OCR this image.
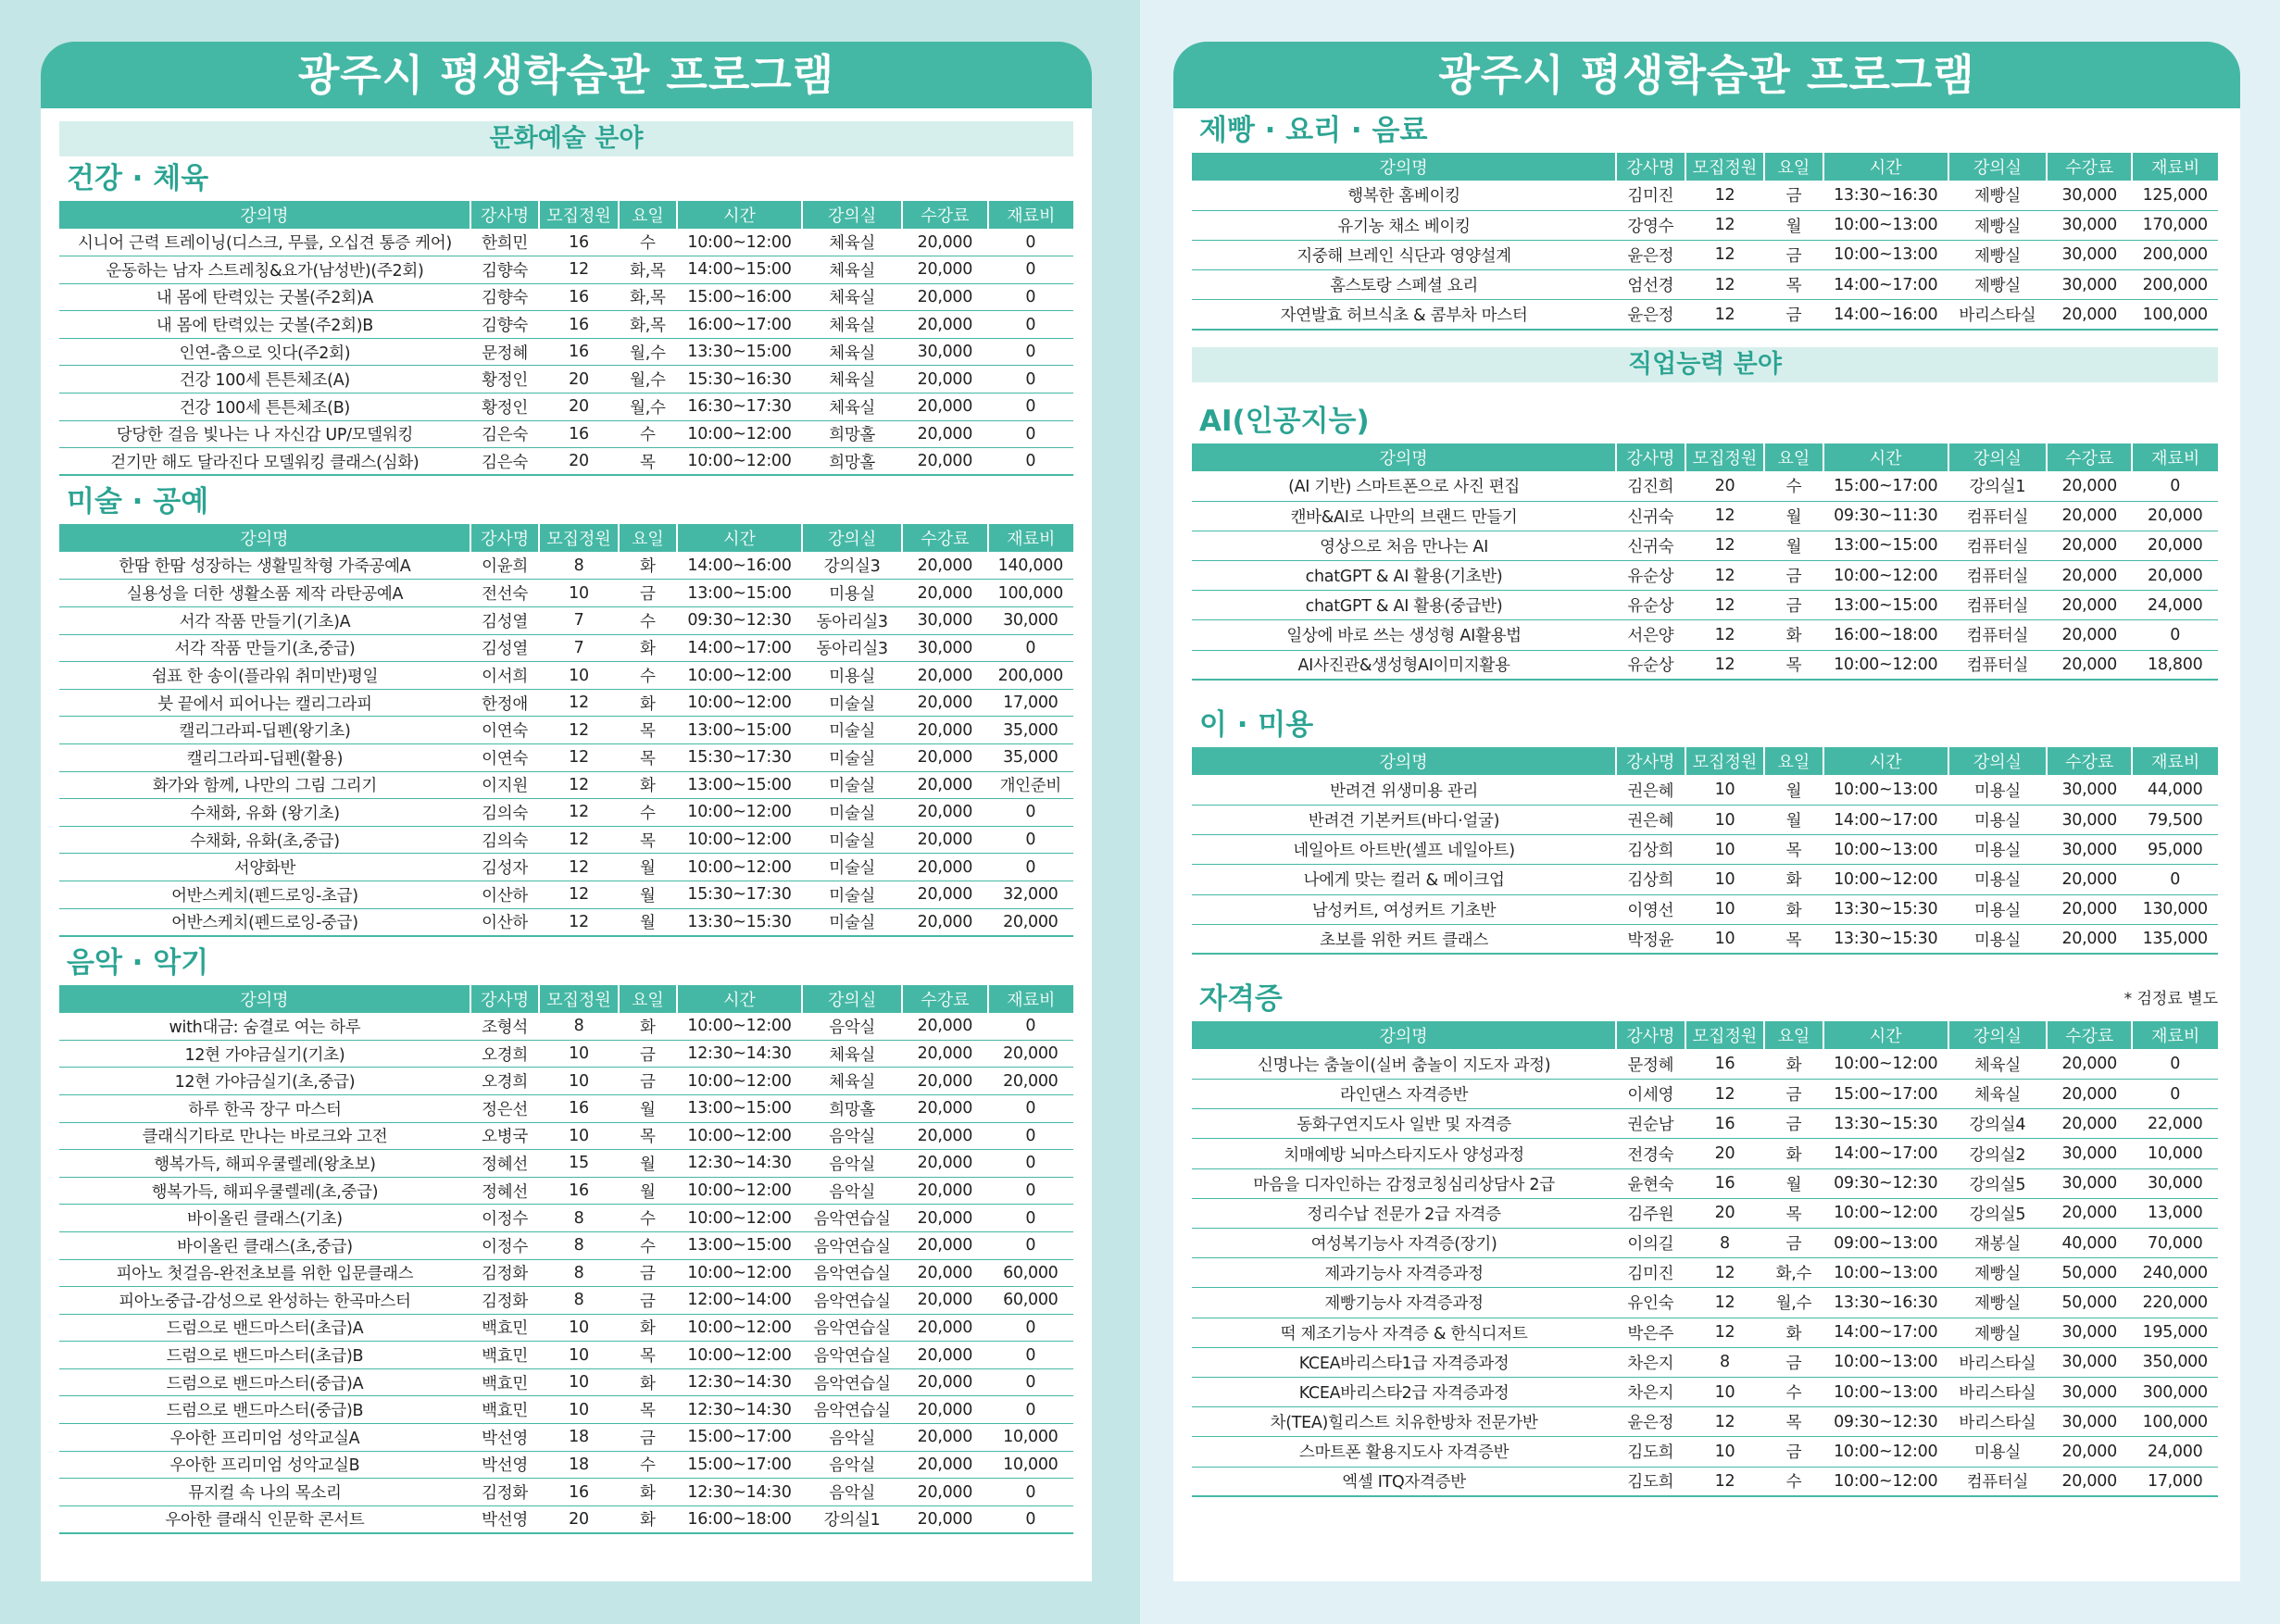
광주시 평생학습관 프로그램
문화예술 분야
건강 · 체육
강의명	강사명	모집정원	요일	시간	강의실	수강료	재료비
시니어 근력 트레이닝(디스크, 무릎, 오십견 통증 케어)	한희민	16	수	10:00~12:00	체육실	20,000	0
운동하는 남자 스트레칭&요가(남성반)(주2회)	김향숙	12	화,목	14:00~15:00	체육실	20,000	0
내 몸에 탄력있는 굿볼(주2회)A	김향숙	16	화,목	15:00~16:00	체육실	20,000	0
내 몸에 탄력있는 굿볼(주2회)B	김향숙	16	화,목	16:00~17:00	체육실	20,000	0
인연-춤으로 잇다(주2회)	문정혜	16	월,수	13:30~15:00	체육실	30,000	0
건강 100세 튼튼체조(A)	황정인	20	월,수	15:30~16:30	체육실	20,000	0
건강 100세 튼튼체조(B)	황정인	20	월,수	16:30~17:30	체육실	20,000	0
당당한 걸음 빛나는 나 자신감 UP/모델워킹	김은숙	16	수	10:00~12:00	희망홀	20,000	0
걷기만 해도 달라진다 모델워킹 클래스(심화)	김은숙	20	목	10:00~12:00	희망홀	20,000	0
미술 · 공예
강의명	강사명	모집정원	요일	시간	강의실	수강료	재료비
한땀 한땀 성장하는 생활밀착형 가죽공예A	이윤희	8	화	14:00~16:00	강의실3	20,000	140,000
실용성을 더한 생활소품 제작 라탄공예A	전선숙	10	금	13:00~15:00	미용실	20,000	100,000
서각 작품 만들기(기초)A	김성열	7	수	09:30~12:30	동아리실3	30,000	30,000
서각 작품 만들기(초,중급)	김성열	7	화	14:00~17:00	동아리실3	30,000	0
쉼표 한 송이(플라워 취미반)평일	이서희	10	수	10:00~12:00	미용실	20,000	200,000
붓 끝에서 피어나는 캘리그라피	한정애	12	화	10:00~12:00	미술실	20,000	17,000
캘리그라피-딥펜(왕기초)	이연숙	12	목	13:00~15:00	미술실	20,000	35,000
캘리그라피-딥펜(활용)	이연숙	12	목	15:30~17:30	미술실	20,000	35,000
화가와 함께, 나만의 그림 그리기	이지원	12	화	13:00~15:00	미술실	20,000	개인준비
수채화, 유화 (왕기초)	김의숙	12	수	10:00~12:00	미술실	20,000	0
수채화, 유화(초,중급)	김의숙	12	목	10:00~12:00	미술실	20,000	0
서양화반	김성자	12	월	10:00~12:00	미술실	20,000	0
어반스케치(펜드로잉-초급)	이산하	12	월	15:30~17:30	미술실	20,000	32,000
어반스케치(펜드로잉-중급)	이산하	12	월	13:30~15:30	미술실	20,000	20,000
음악 · 악기
강의명	강사명	모집정원	요일	시간	강의실	수강료	재료비
with대금: 숨결로 여는 하루	조형석	8	화	10:00~12:00	음악실	20,000	0
12현 가야금실기(기초)	오경희	10	금	12:30~14:30	체육실	20,000	20,000
12현 가야금실기(초,중급)	오경희	10	금	10:00~12:00	체육실	20,000	20,000
하루 한곡 장구 마스터	정은선	16	월	13:00~15:00	희망홀	20,000	0
클래식기타로 만나는 바로크와 고전	오병국	10	목	10:00~12:00	음악실	20,000	0
행복가득, 해피우쿨렐레(왕초보)	정혜선	15	월	12:30~14:30	음악실	20,000	0
행복가득, 해피우쿨렐레(초,중급)	정혜선	16	월	10:00~12:00	음악실	20,000	0
바이올린 클래스(기초)	이정수	8	수	10:00~12:00	음악연습실	20,000	0
바이올린 클래스(초,중급)	이정수	8	수	13:00~15:00	음악연습실	20,000	0
피아노 첫걸음-완전초보를 위한 입문클래스	김정화	8	금	10:00~12:00	음악연습실	20,000	60,000
피아노중급-감성으로 완성하는 한곡마스터	김정화	8	금	12:00~14:00	음악연습실	20,000	60,000
드럼으로 밴드마스터(초급)A	백효민	10	화	10:00~12:00	음악연습실	20,000	0
드럼으로 밴드마스터(초급)B	백효민	10	목	10:00~12:00	음악연습실	20,000	0
드럼으로 밴드마스터(중급)A	백효민	10	화	12:30~14:30	음악연습실	20,000	0
드럼으로 밴드마스터(중급)B	백효민	10	목	12:30~14:30	음악연습실	20,000	0
우아한 프리미엄 성악교실A	박선영	18	금	15:00~17:00	음악실	20,000	10,000
우아한 프리미엄 성악교실B	박선영	18	수	15:00~17:00	음악실	20,000	10,000
뮤지컬 속 나의 목소리	김정화	16	화	12:30~14:30	음악실	20,000	0
우아한 클래식 인문학 콘서트	박선영	20	화	16:00~18:00	강의실1	20,000	0
광주시 평생학습관 프로그램
제빵 · 요리 · 음료
강의명	강사명	모집정원	요일	시간	강의실	수강료	재료비
행복한 홈베이킹	김미진	12	금	13:30~16:30	제빵실	30,000	125,000
유기농 채소 베이킹	강영수	12	월	10:00~13:00	제빵실	30,000	170,000
지중해 브레인 식단과 영양설계	윤은정	12	금	10:00~13:00	제빵실	30,000	200,000
홈스토랑 스페셜 요리	엄선경	12	목	14:00~17:00	제빵실	30,000	200,000
자연발효 허브식초 & 콤부차 마스터	윤은정	12	금	14:00~16:00	바리스타실	20,000	100,000
직업능력 분야
AI(인공지능)
강의명	강사명	모집정원	요일	시간	강의실	수강료	재료비
(AI 기반) 스마트폰으로 사진 편집	김진희	20	수	15:00~17:00	강의실1	20,000	0
캔바&AI로 나만의 브랜드 만들기	신귀숙	12	월	09:30~11:30	컴퓨터실	20,000	20,000
영상으로 처음 만나는 AI	신귀숙	12	월	13:00~15:00	컴퓨터실	20,000	20,000
chatGPT & AI 활용(기초반)	유순상	12	금	10:00~12:00	컴퓨터실	20,000	20,000
chatGPT & AI 활용(중급반)	유순상	12	금	13:00~15:00	컴퓨터실	20,000	24,000
일상에 바로 쓰는 생성형 AI활용법	서은양	12	화	16:00~18:00	컴퓨터실	20,000	0
AI사진관&생성형AI이미지활용	유순상	12	목	10:00~12:00	컴퓨터실	20,000	18,800
이 · 미용
강의명	강사명	모집정원	요일	시간	강의실	수강료	재료비
반려견 위생미용 관리	권은혜	10	월	10:00~13:00	미용실	30,000	44,000
반려견 기본커트(바디·얼굴)	권은혜	10	월	14:00~17:00	미용실	30,000	79,500
네일아트 아트반(셀프 네일아트)	김상희	10	목	10:00~13:00	미용실	30,000	95,000
나에게 맞는 컬러 & 메이크업	김상희	10	화	10:00~12:00	미용실	20,000	0
남성커트, 여성커트 기초반	이영선	10	화	13:30~15:30	미용실	20,000	130,000
초보를 위한 커트 클래스	박정윤	10	목	13:30~15:30	미용실	20,000	135,000
자격증	* 검정료 별도
강의명	강사명	모집정원	요일	시간	강의실	수강료	재료비
신명나는 춤놀이(실버 춤놀이 지도자 과정)	문정혜	16	화	10:00~12:00	체육실	20,000	0
라인댄스 자격증반	이세영	12	금	15:00~17:00	체육실	20,000	0
동화구연지도사 일반 및 자격증	권순남	16	금	13:30~15:30	강의실4	20,000	22,000
치매예방 뇌마스타지도사 양성과정	전경숙	20	화	14:00~17:00	강의실2	30,000	10,000
마음을 디자인하는 감정코칭심리상담사 2급	윤현숙	16	월	09:30~12:30	강의실5	30,000	30,000
정리수납 전문가 2급 자격증	김주원	20	목	10:00~12:00	강의실5	20,000	13,000
여성복기능사 자격증(장기)	이의길	8	금	09:00~13:00	재봉실	40,000	70,000
제과기능사 자격증과정	김미진	12	화,수	10:00~13:00	제빵실	50,000	240,000
제빵기능사 자격증과정	유인숙	12	월,수	13:30~16:30	제빵실	50,000	220,000
떡 제조기능사 자격증 & 한식디저트	박은주	12	화	14:00~17:00	제빵실	30,000	195,000
KCEA바리스타1급 자격증과정	차은지	8	금	10:00~13:00	바리스타실	30,000	350,000
KCEA바리스타2급 자격증과정	차은지	10	수	10:00~13:00	바리스타실	30,000	300,000
차(TEA)힐리스트 치유한방차 전문가반	윤은정	12	목	09:30~12:30	바리스타실	30,000	100,000
스마트폰 활용지도사 자격증반	김도희	10	금	10:00~12:00	미용실	20,000	24,000
엑셀 ITQ자격증반	김도희	12	수	10:00~12:00	컴퓨터실	20,000	17,000
